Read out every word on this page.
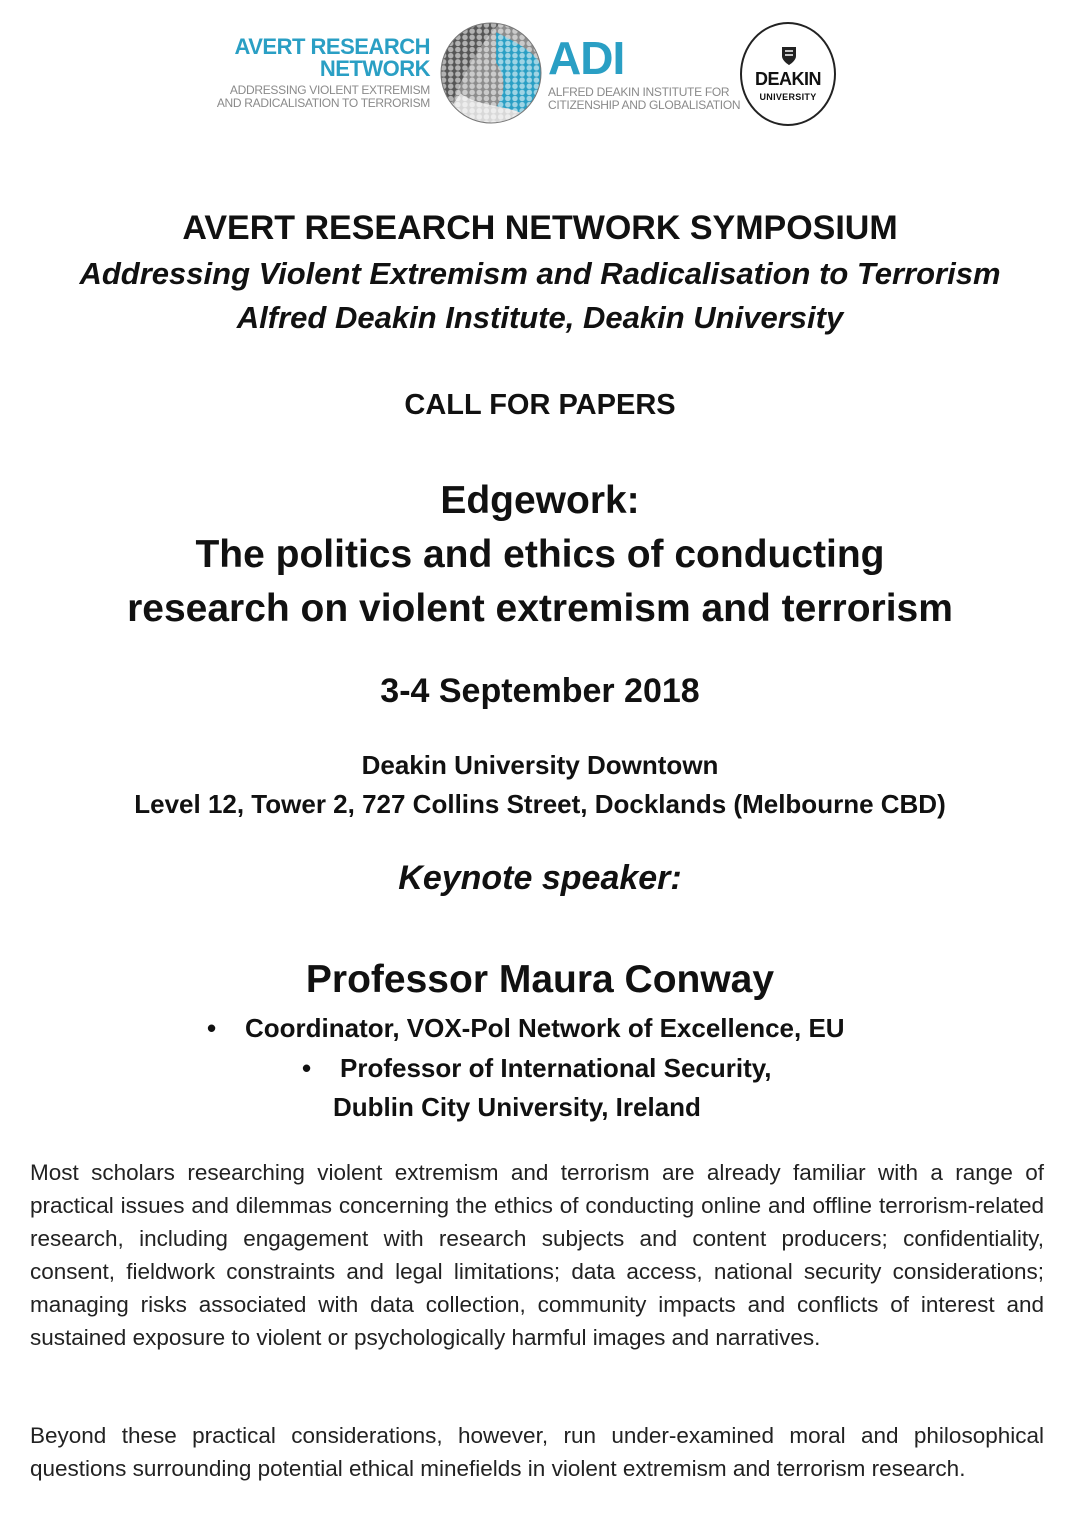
AVERT RESEARCH
NETWORK
ADDRESSING VIOLENT EXTREMISM
AND RADICALISATION TO TERRORISM
ADI
ALFRED DEAKIN INSTITUTE FOR
CITIZENSHIP AND GLOBALISATION
DEAKIN
UNIVERSITY
AVERT RESEARCH NETWORK SYMPOSIUM
Addressing Violent Extremism and Radicalisation to Terrorism
Alfred Deakin Institute, Deakin University
CALL FOR PAPERS
Edgework:
The politics and ethics of conducting
research on violent extremism and terrorism
3-4 September 2018
Deakin University Downtown
Level 12, Tower 2, 727 Collins Street, Docklands (Melbourne CBD)
Keynote speaker:
Professor Maura Conway
• Coordinator, VOX-Pol Network of Excellence, EU
• Professor of International Security,
Dublin City University, Ireland

Most scholars researching violent extremism and terrorism are already familiar with a range of practical issues and dilemmas concerning the ethics of conducting online and offline terrorism-related research, including engagement with research subjects and content producers; confidentiality, consent, fieldwork constraints and legal limitations; data access, national security considerations; managing risks associated with data collection, community impacts and conflicts of interest and sustained exposure to violent or psychologically harmful images and narratives.

Beyond these practical considerations, however, run under-examined moral and philosophical questions surrounding potential ethical minefields in violent extremism and terrorism research.
